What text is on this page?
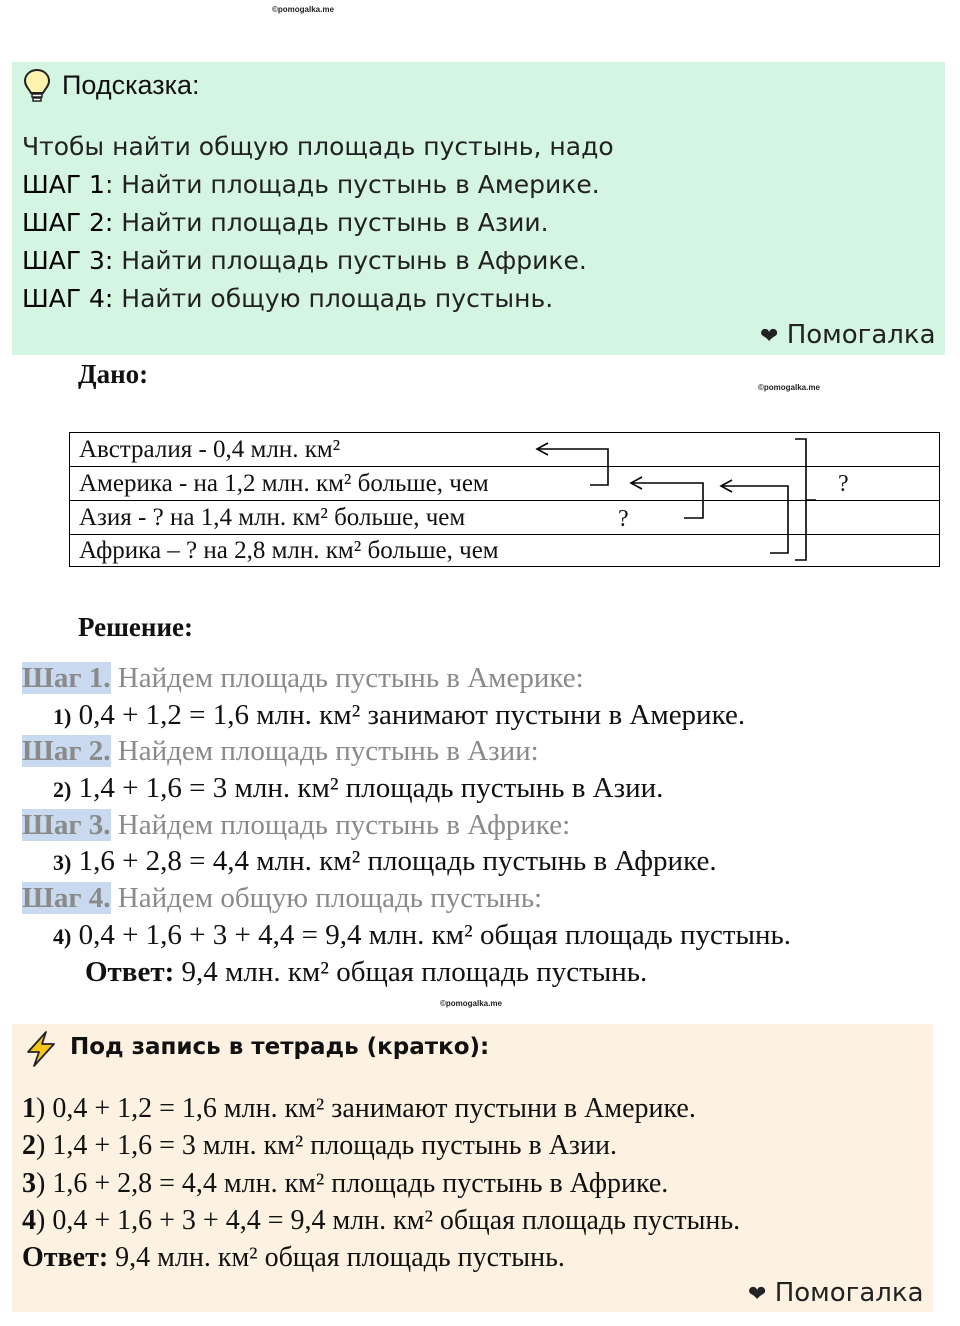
©pomogalka.me
Подсказка:
Чтобы найти общую площадь пустынь, надо
ШАГ 1: Найти площадь пустынь в Америке.
ШАГ 2: Найти площадь пустынь в Азии.
ШАГ 3: Найти площадь пустынь в Африке.
ШАГ 4: Найти общую площадь пустынь.
❤ Помогалка
Дано:	©pomogalka.me
Австралия - 0,4 млн. км²
Америка - на 1,2 млн. км² больше, чем
Азия - ? на 1,4 млн. км² больше, чем
Африка – ? на 2,8 млн. км² больше, чем
?
?
Решение:
Шаг 1. Найдем площадь пустынь в Америке:
1) 0,4 + 1,2 = 1,6 млн. км² занимают пустыни в Америке.
Шаг 2. Найдем площадь пустынь в Азии:
2) 1,4 + 1,6 = 3 млн. км² площадь пустынь в Азии.
Шаг 3. Найдем площадь пустынь в Африке:
3) 1,6 + 2,8 = 4,4 млн. км² площадь пустынь в Африке.
Шаг 4. Найдем общую площадь пустынь:
4) 0,4 + 1,6 + 3 + 4,4 = 9,4 млн. км² общая площадь пустынь.
Ответ: 9,4 млн. км² общая площадь пустынь.
©pomogalka.me
Под запись в тетрадь (кратко):
1) 0,4 + 1,2 = 1,6 млн. км² занимают пустыни в Америке.
2) 1,4 + 1,6 = 3 млн. км² площадь пустынь в Азии.
3) 1,6 + 2,8 = 4,4 млн. км² площадь пустынь в Африке.
4) 0,4 + 1,6 + 3 + 4,4 = 9,4 млн. км² общая площадь пустынь.
Ответ: 9,4 млн. км² общая площадь пустынь.
❤ Помогалка
